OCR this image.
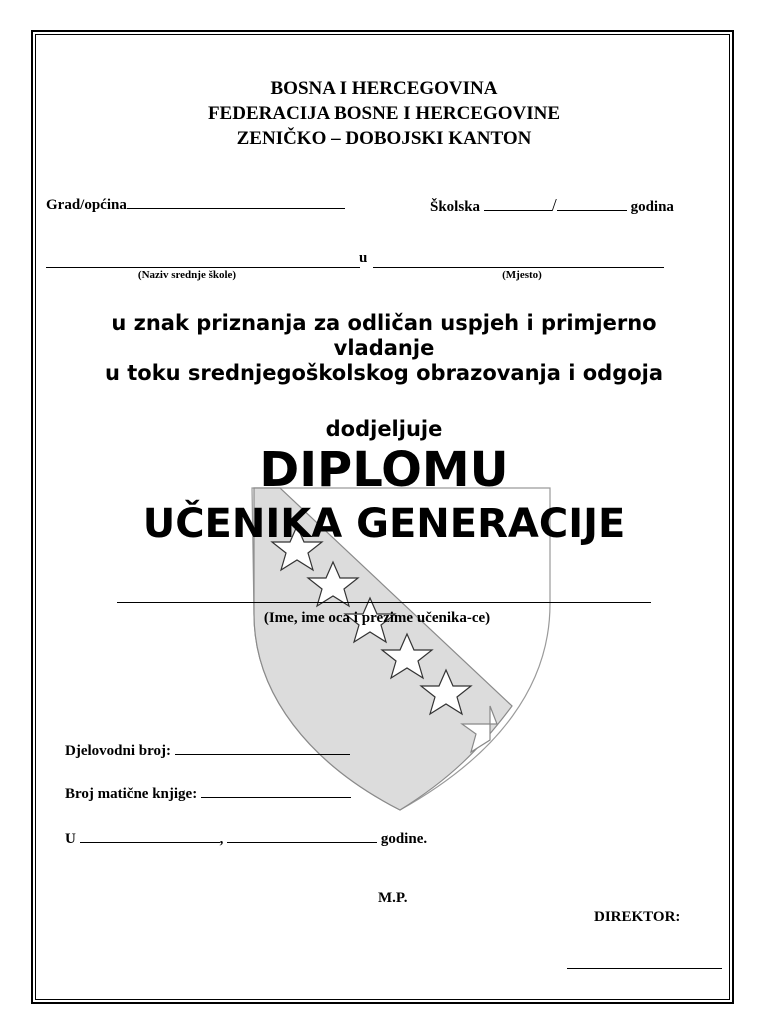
BOSNA I HERCEGOVINA
FEDERACIJA BOSNE I HERCEGOVINE
ZENIČKO – DOBOJSKI KANTON
Grad/općina	Školska	/	godina
u
(Naziv srednje škole)	(Mjesto)
u znak priznanja za odličan uspjeh i primjerno
vladanje
u toku srednjegoškolskog obrazovanja i odgoja
dodjeljuje
DIPLOMU
UČENIKA GENERACIJE
(Ime, ime oca i prezime učenika-ce)
Djelovodni broj:
Broj matične knjige:
U	,	godine.
M.P.
DIREKTOR:
